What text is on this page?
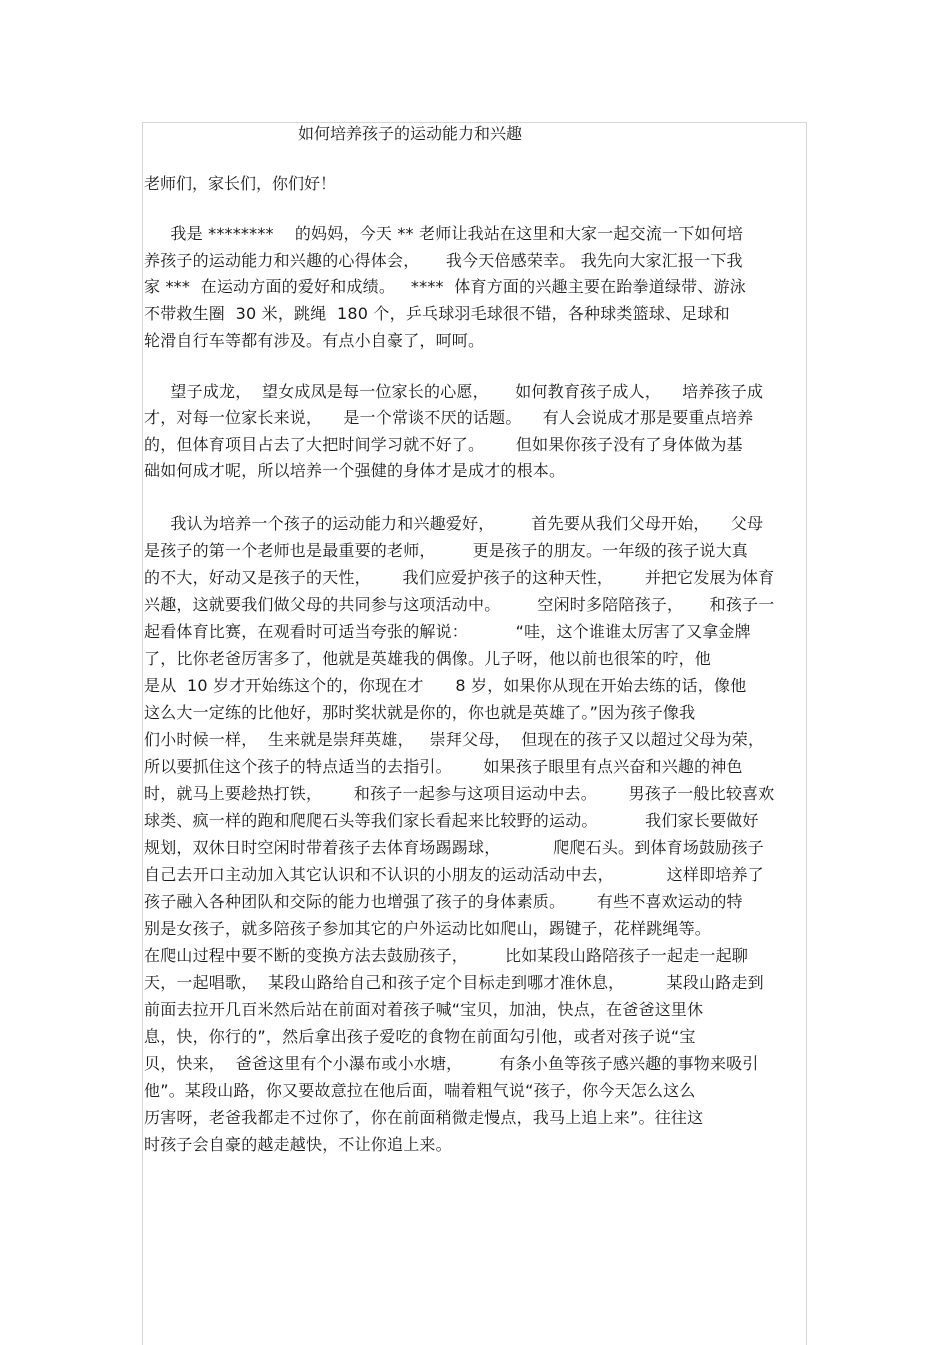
如何培养孩子的运动能力和兴趣
老师们，家长们，你们好！
我是 ********    的妈妈，今天 ** 老师让我站在这里和大家一起交流一下如何培
养孩子的运动能力和兴趣的心得体会，     我今天倍感荣幸。 我先向大家汇报一下我
家 ***  在运动方面的爱好和成绩。   ****  体育方面的兴趣主要在跆拳道绿带、游泳
不带救生圈  30 米，跳绳  180 个，乒乓球羽毛球很不错，各种球类篮球、足球和
轮滑自行车等都有涉及。有点小自豪了，呵呵。
望子成龙，  望女成凤是每一位家长的心愿，     如何教育孩子成人，    培养孩子成
才，对每一位家长来说，    是一个常谈不厌的话题。    有人会说成才那是要重点培养
的，但体育项目占去了大把时间学习就不好了。      但如果你孩子没有了身体做为基
础如何成才呢，所以培养一个强健的身体才是成才的根本。
我认为培养一个孩子的运动能力和兴趣爱好，       首先要从我们父母开始，    父母
是孩子的第一个老师也是最重要的老师，       更是孩子的朋友。一年级的孩子说大真
的不大，好动又是孩子的天性，      我们应爱护孩子的这种天性，      并把它发展为体育
兴趣，这就要我们做父母的共同参与这项活动中。       空闲时多陪陪孩子，     和孩子一
起看体育比赛，在观看时可适当夸张的解说：         “哇，这个谁谁太厉害了又拿金牌
了，比你老爸厉害多了，他就是英雄我的偶像。儿子呀，他以前也很笨的咛，他
是从  10 岁才开始练这个的，你现在才      8 岁，如果你从现在开始去练的话，像他
这么大一定练的比他好，那时奖状就是你的，你也就是英雄了。”因为孩子像我
们小时候一样，  生来就是崇拜英雄，   崇拜父母，  但现在的孩子又以超过父母为荣，
所以要抓住这个孩子的特点适当的去指引。      如果孩子眼里有点兴奋和兴趣的神色
时，就马上要趁热打铁，      和孩子一起参与这项目运动中去。      男孩子一般比较喜欢
球类、疯一样的跑和爬爬石头等我们家长看起来比较野的运动。         我们家长要做好
规划，双休日时空闲时带着孩子去体育场踢踢球，          爬爬石头。到体育场鼓励孩子
自己去开口主动加入其它认识和不认识的小朋友的运动活动中去，          这样即培养了
孩子融入各种团队和交际的能力也增强了孩子的身体素质。      有些不喜欢运动的特
别是女孩子，就多陪孩子参加其它的户外运动比如爬山，踢键子，花样跳绳等。
在爬山过程中要不断的变换方法去鼓励孩子，       比如某段山路陪孩子一起走一起聊
天，一起唱歌，  某段山路给自己和孩子定个目标走到哪才准休息，        某段山路走到
前面去拉开几百米然后站在前面对着孩子喊“宝贝，加油，快点，在爸爸这里休
息，快，你行的”，然后拿出孩子爱吃的食物在前面勾引他，或者对孩子说“宝
贝，快来，  爸爸这里有个小瀑布或小水塘，       有条小鱼等孩子感兴趣的事物来吸引
他”。某段山路，你又要故意拉在他后面，喘着粗气说“孩子，你今天怎么这么
历害呀，老爸我都走不过你了，你在前面稍微走慢点，我马上追上来”。往往这
时孩子会自豪的越走越快，不让你追上来。
